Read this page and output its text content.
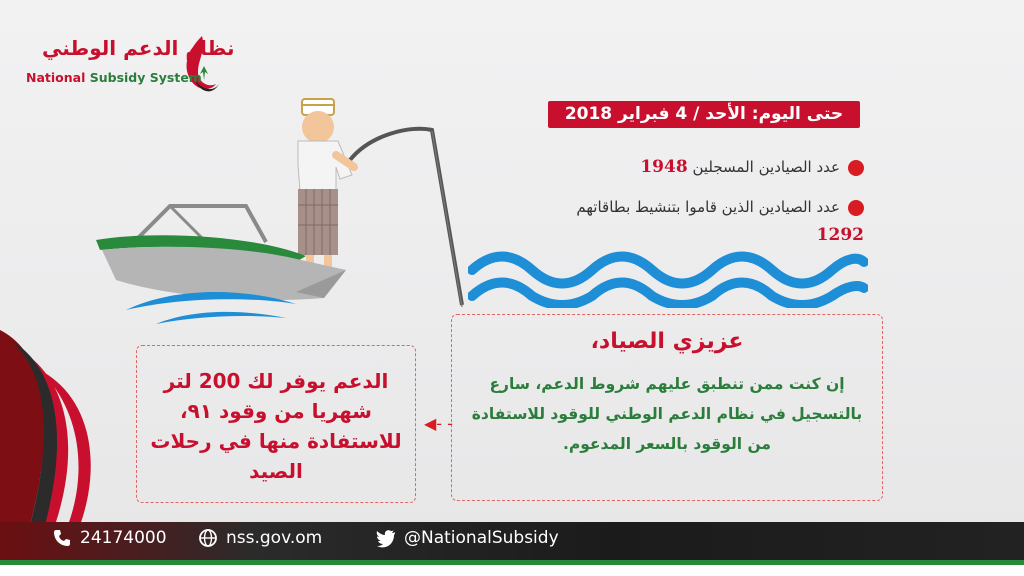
نظام الدعم الوطني
National Subsidy System
حتى اليوم: الأحد / 4 فبراير 2018
عدد الصيادين المسجلين 1948
عدد الصيادين الذين قاموا بتنشيط بطاقاتهم 1292
عزيزي الصياد،
إن كنت ممن تنطبق عليهم شروط الدعم، سارع بالتسجيل في نظام الدعم الوطني للوقود للاستفادة من الوقود بالسعر المدعوم.
◀- -
الدعم يوفر لك 200 لتر شهريا من وقود ٩١، للاستفادة منها في رحلات الصيد
24174000	nss.gov.om	@NationalSubsidy
